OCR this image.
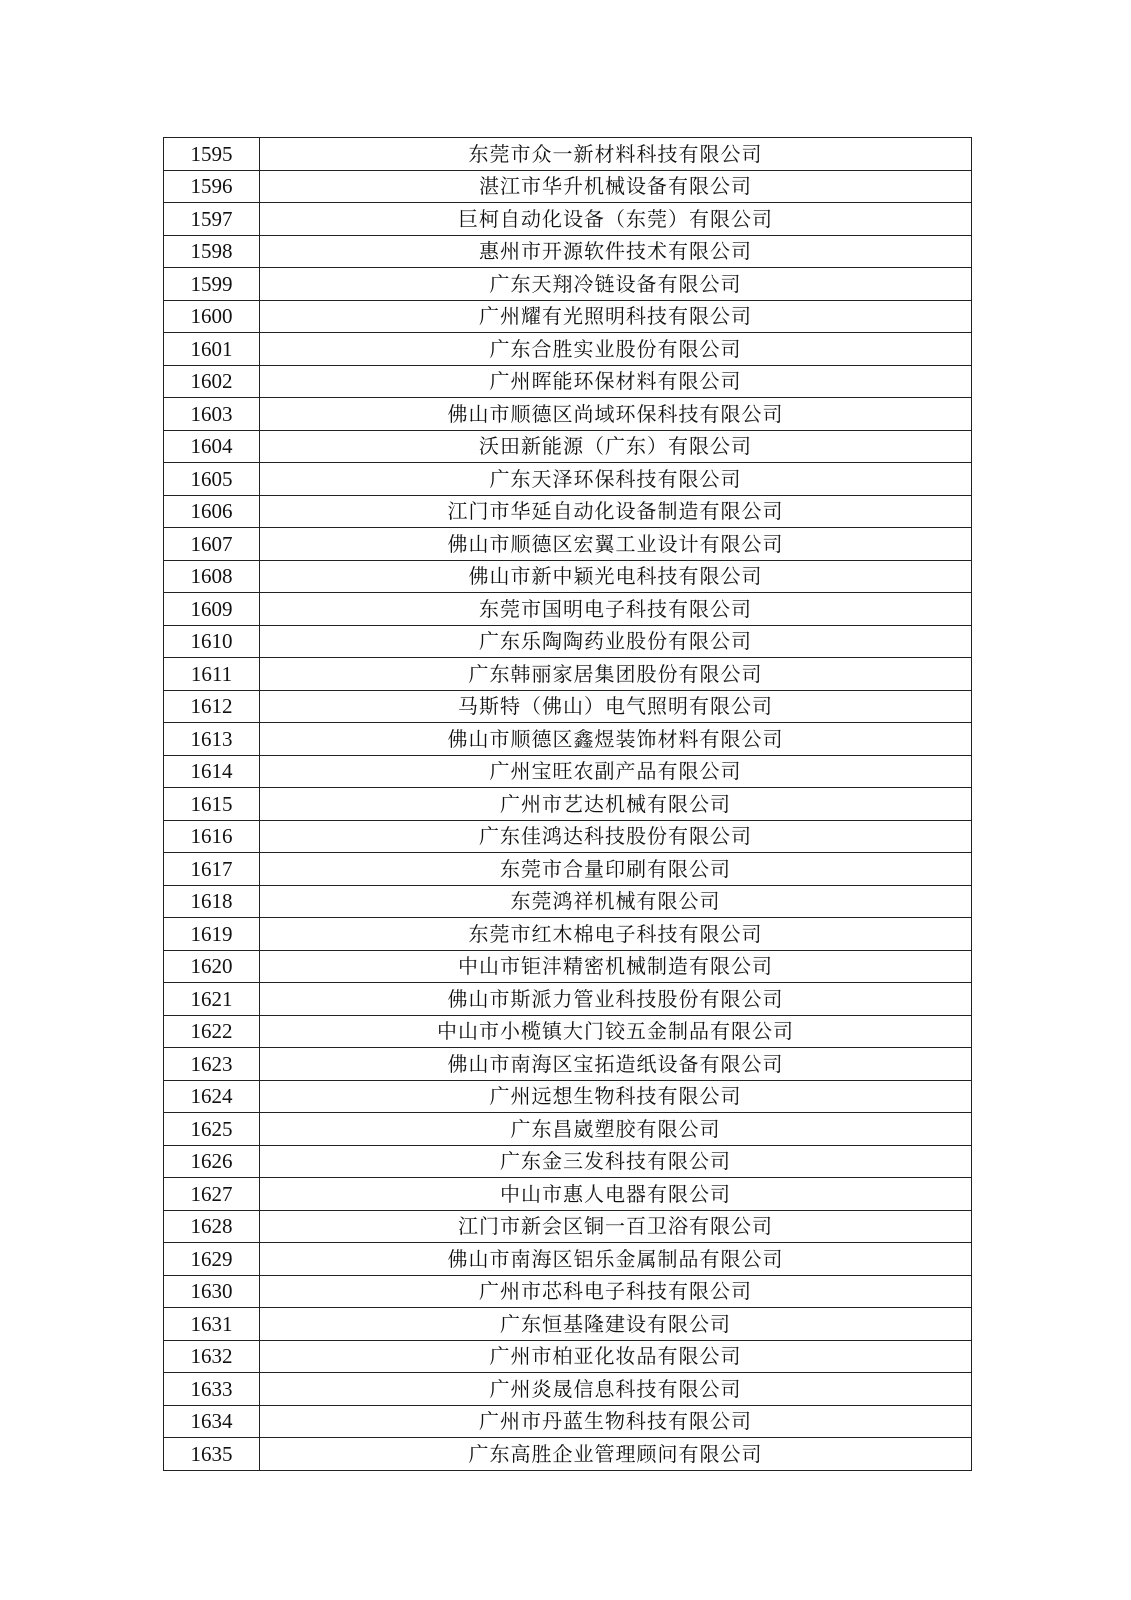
1595	东莞市众一新材料科技有限公司
1596	湛江市华升机械设备有限公司
1597	巨柯自动化设备（东莞）有限公司
1598	惠州市开源软件技术有限公司
1599	广东天翔冷链设备有限公司
1600	广州耀有光照明科技有限公司
1601	广东合胜实业股份有限公司
1602	广州晖能环保材料有限公司
1603	佛山市顺德区尚域环保科技有限公司
1604	沃田新能源（广东）有限公司
1605	广东天泽环保科技有限公司
1606	江门市华延自动化设备制造有限公司
1607	佛山市顺德区宏翼工业设计有限公司
1608	佛山市新中颖光电科技有限公司
1609	东莞市国明电子科技有限公司
1610	广东乐陶陶药业股份有限公司
1611	广东韩丽家居集团股份有限公司
1612	马斯特（佛山）电气照明有限公司
1613	佛山市顺德区鑫煜装饰材料有限公司
1614	广州宝旺农副产品有限公司
1615	广州市艺达机械有限公司
1616	广东佳鸿达科技股份有限公司
1617	东莞市合量印刷有限公司
1618	东莞鸿祥机械有限公司
1619	东莞市红木棉电子科技有限公司
1620	中山市钜沣精密机械制造有限公司
1621	佛山市斯派力管业科技股份有限公司
1622	中山市小榄镇大门铰五金制品有限公司
1623	佛山市南海区宝拓造纸设备有限公司
1624	广州远想生物科技有限公司
1625	广东昌崴塑胶有限公司
1626	广东金三发科技有限公司
1627	中山市惠人电器有限公司
1628	江门市新会区铜一百卫浴有限公司
1629	佛山市南海区铝乐金属制品有限公司
1630	广州市芯科电子科技有限公司
1631	广东恒基隆建设有限公司
1632	广州市柏亚化妆品有限公司
1633	广州炎晟信息科技有限公司
1634	广州市丹蓝生物科技有限公司
1635	广东高胜企业管理顾问有限公司
